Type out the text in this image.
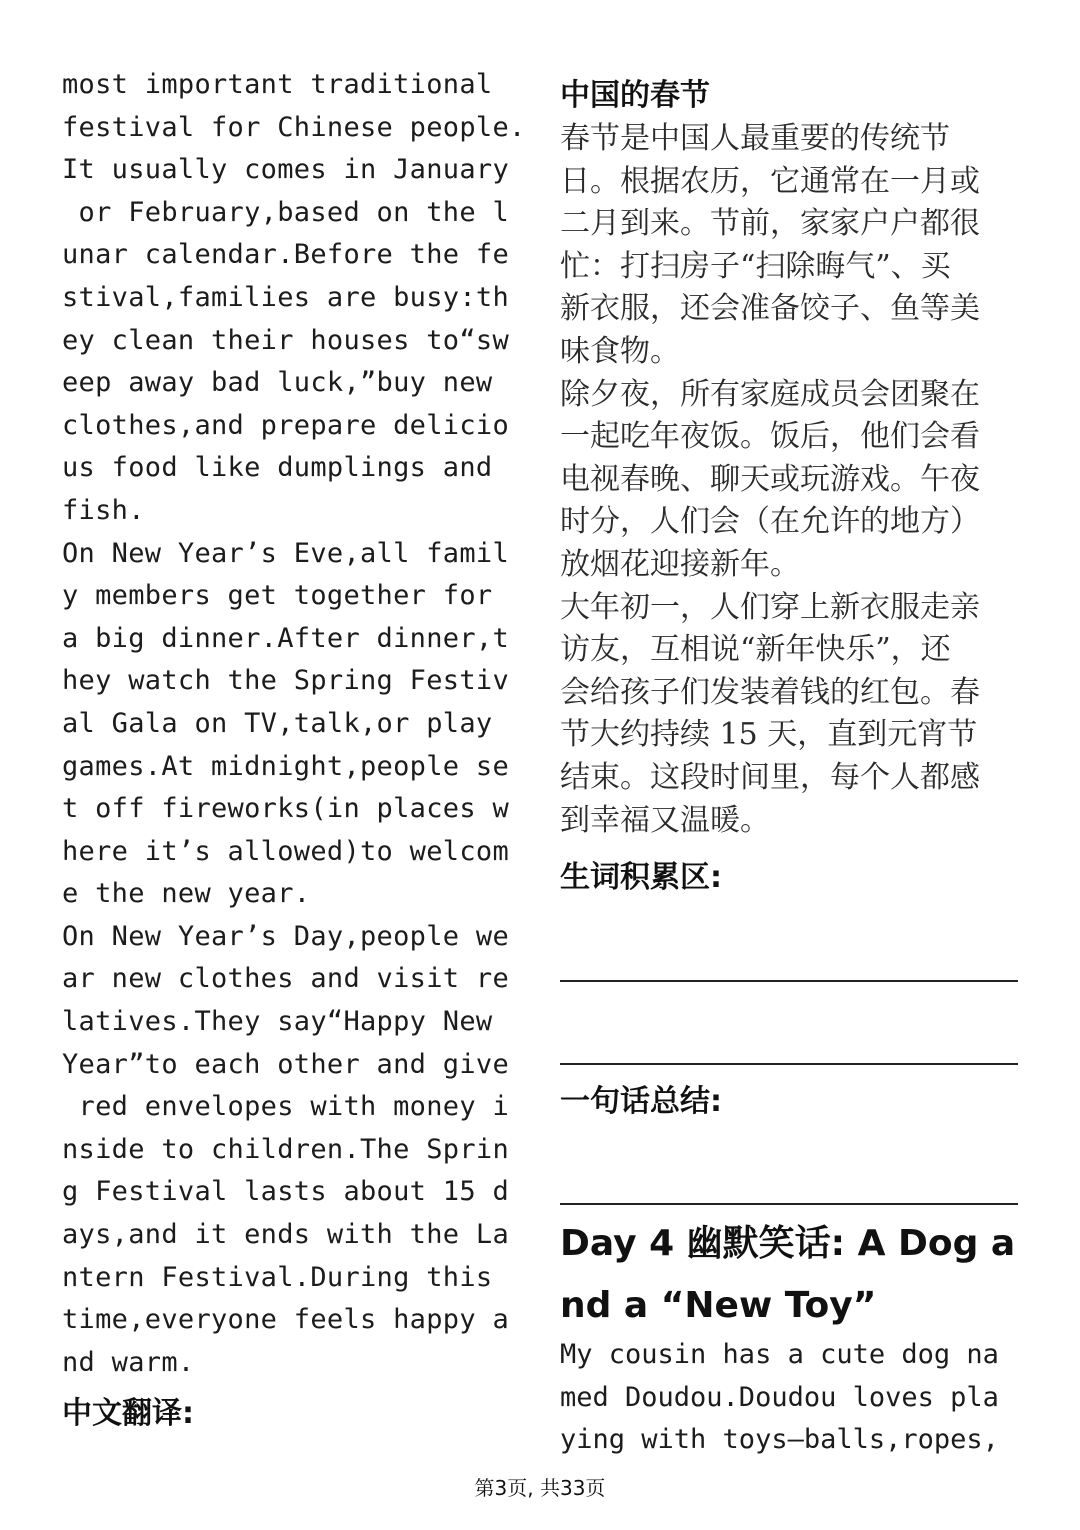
most important traditional
festival for Chinese people.
It usually comes in January
or February,based on the l
unar calendar.Before the fe
stival,families are busy:th
ey clean their houses to“sw
eep away bad luck,”buy new
clothes,and prepare delicio
us food like dumplings and
fish.
On New Year’s Eve,all famil
y members get together for
a big dinner.After dinner,t
hey watch the Spring Festiv
al Gala on TV,talk,or play
games.At midnight,people se
t off fireworks(in places w
here it’s allowed)to welcom
e the new year.
On New Year’s Day,people we
ar new clothes and visit re
latives.They say“Happy New
Year”to each other and give
red envelopes with money i
nside to children.The Sprin
g Festival lasts about 15 d
ays,and it ends with the La
ntern Festival.During this
time,everyone feels happy a
nd warm.
中文翻译:
中国的春节
春节是中国人最重要的传统节
日。根据农历，它通常在一月或
二月到来。节前，家家户户都很
忙：打扫房子“扫除晦气”、买
新衣服，还会准备饺子、鱼等美
味食物。
除夕夜，所有家庭成员会团聚在
一起吃年夜饭。饭后，他们会看
电视春晚、聊天或玩游戏。午夜
时分，人们会（在允许的地方）
放烟花迎接新年。
大年初一，人们穿上新衣服走亲
访友，互相说“新年快乐”，还
会给孩子们发装着钱的红包。春
节大约持续 15 天，直到元宵节
结束。这段时间里，每个人都感
到幸福又温暖。
生词积累区:
一句话总结:
Day 4 幽默笑话: A Dog a
nd a “New Toy”
My cousin has a cute dog na
med Doudou.Doudou loves pla
ying with toys—balls,ropes,
第3页, 共33页
